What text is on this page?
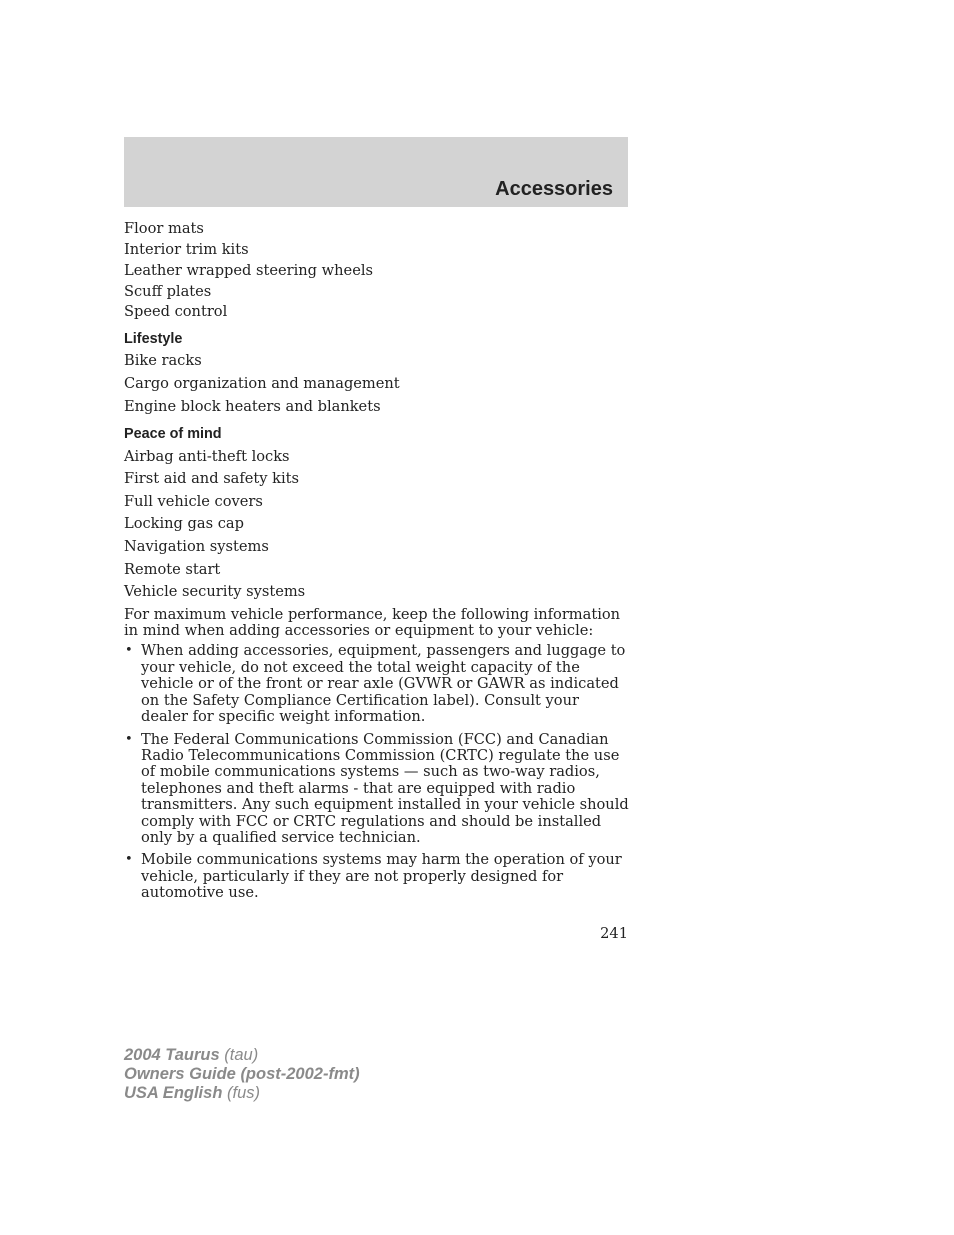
Accessories
Floor mats
Interior trim kits
Leather wrapped steering wheels
Scuff plates
Speed control
Lifestyle
Bike racks
Cargo organization and management
Engine block heaters and blankets
Peace of mind
Airbag anti-theft locks
First aid and safety kits
Full vehicle covers
Locking gas cap
Navigation systems
Remote start
Vehicle security systems
For maximum vehicle performance, keep the following information in mind when adding accessories or equipment to your vehicle:
• When adding accessories, equipment, passengers and luggage to your vehicle, do not exceed the total weight capacity of the vehicle or of the front or rear axle (GVWR or GAWR as indicated on the Safety Compliance Certification label). Consult your dealer for specific weight information.
• The Federal Communications Commission (FCC) and Canadian Radio Telecommunications Commission (CRTC) regulate the use of mobile communications systems — such as two-way radios, telephones and theft alarms - that are equipped with radio transmitters. Any such equipment installed in your vehicle should comply with FCC or CRTC regulations and should be installed only by a qualified service technician.
• Mobile communications systems may harm the operation of your vehicle, particularly if they are not properly designed for automotive use.
241
2004 Taurus (tau)
Owners Guide (post-2002-fmt)
USA English (fus)
